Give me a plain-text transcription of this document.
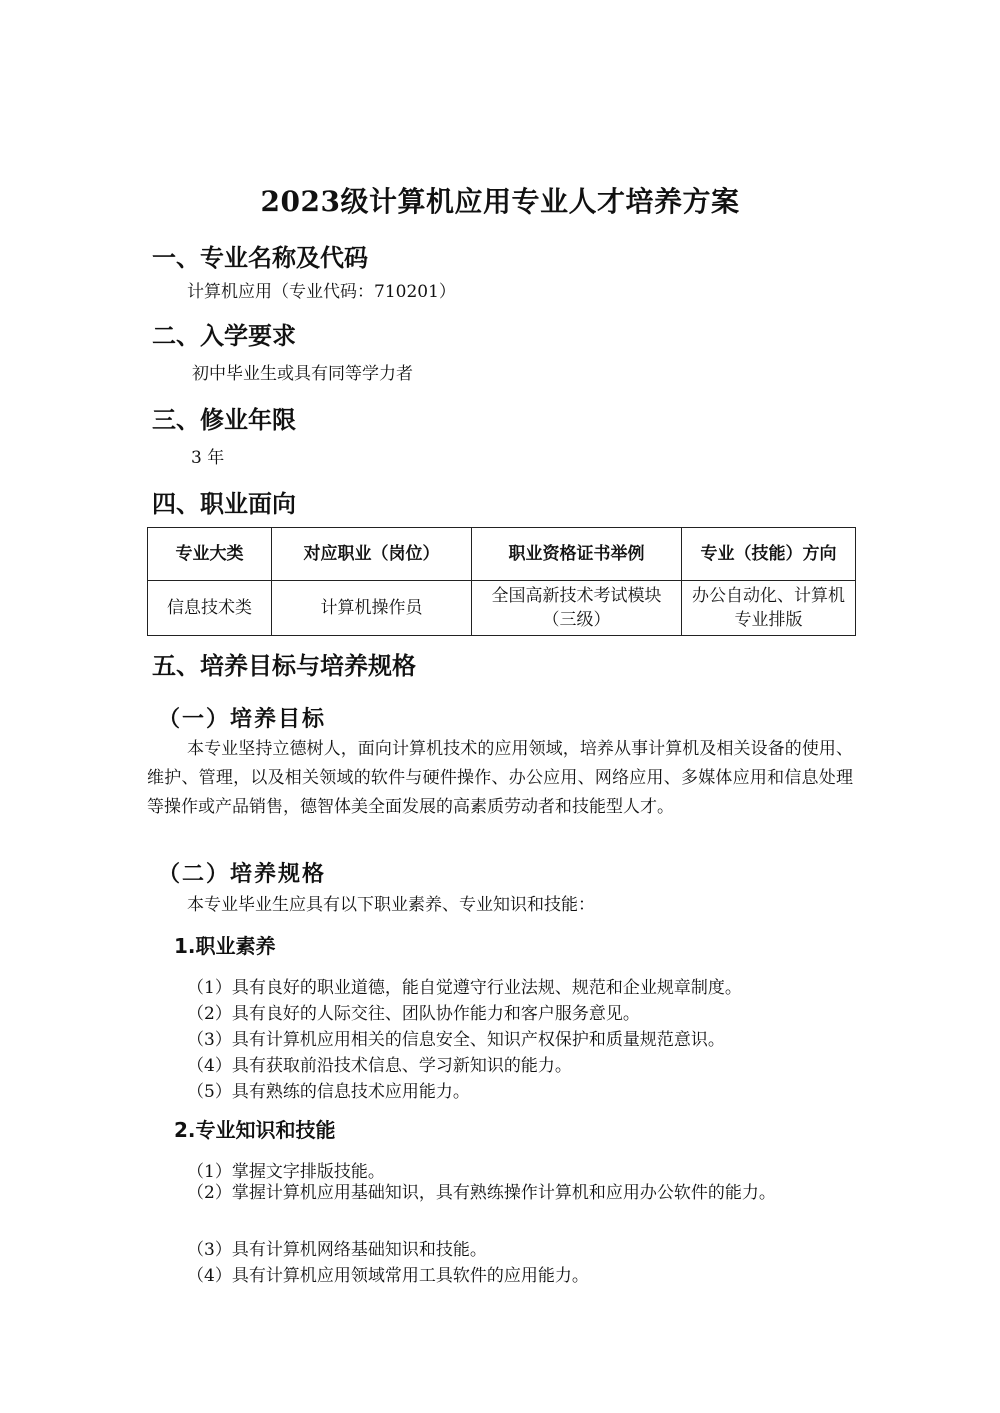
2023级计算机应用专业人才培养方案
一、专业名称及代码
计算机应用（专业代码：710201）
二、入学要求
初中毕业生或具有同等学力者
三、修业年限
3 年
四、职业面向
专业大类	对应职业（岗位）	职业资格证书举例	专业（技能）方向
信息技术类	计算机操作员	全国高新技术考试模块（三级）	办公自动化、计算机专业排版
五、培养目标与培养规格
（一）培养目标
本专业坚持立德树人，面向计算机技术的应用领域，培养从事计算机及相关设备的使用、维护、管理，以及相关领域的软件与硬件操作、办公应用、网络应用、多媒体应用和信息处理等操作或产品销售，德智体美全面发展的高素质劳动者和技能型人才。
（二）培养规格
本专业毕业生应具有以下职业素养、专业知识和技能：
1.职业素养
（1）具有良好的职业道德，能自觉遵守行业法规、规范和企业规章制度。
（2）具有良好的人际交往、团队协作能力和客户服务意见。
（3）具有计算机应用相关的信息安全、知识产权保护和质量规范意识。
（4）具有获取前沿技术信息、学习新知识的能力。
（5）具有熟练的信息技术应用能力。
2.专业知识和技能
（1）掌握文字排版技能。
（2）掌握计算机应用基础知识，具有熟练操作计算机和应用办公软件的能力。
（3）具有计算机网络基础知识和技能。
（4）具有计算机应用领域常用工具软件的应用能力。
